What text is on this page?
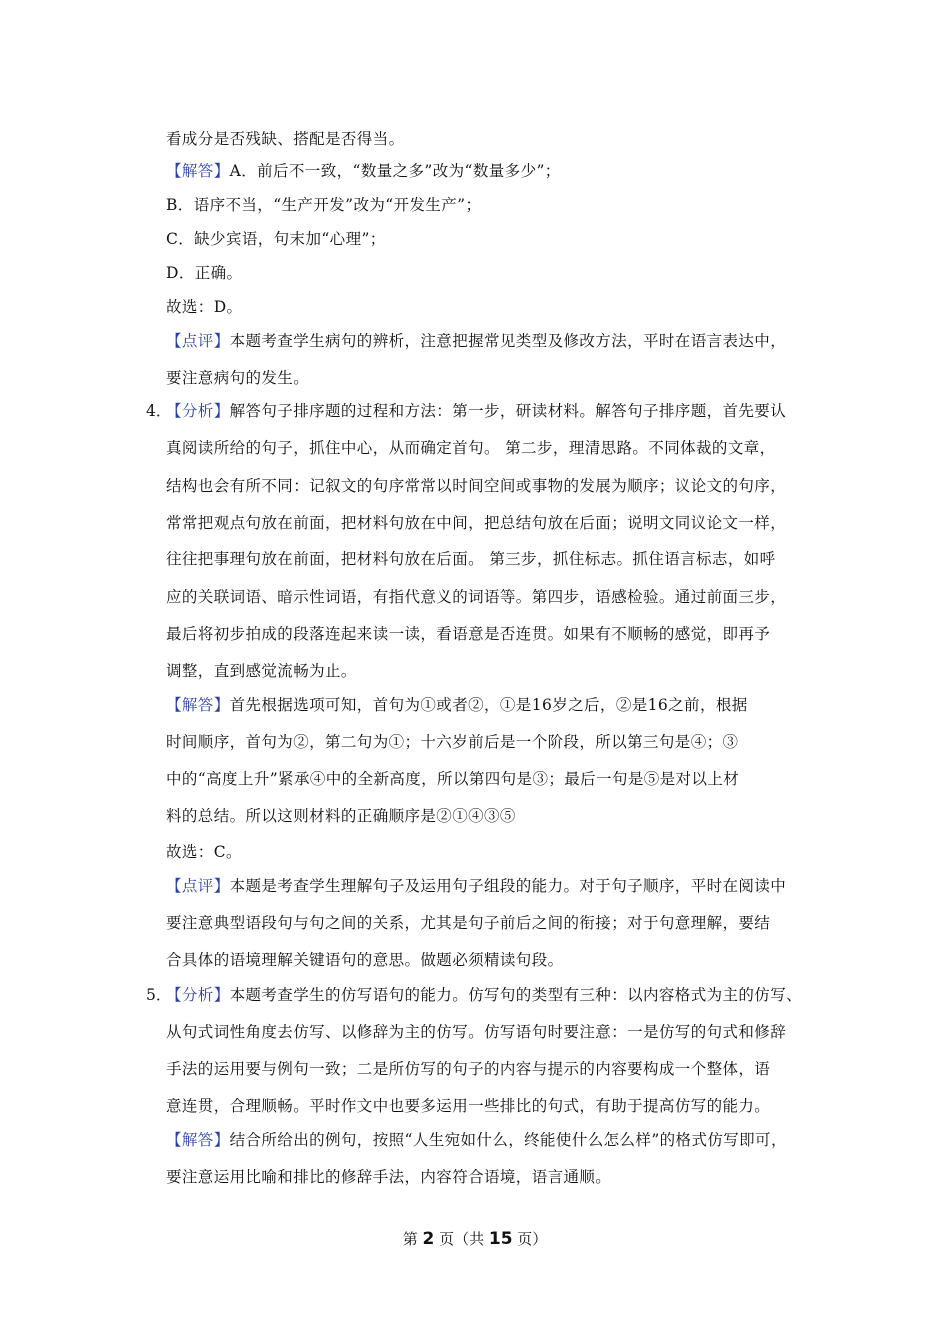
看成分是否残缺、搭配是否得当。
【解答】A．前后不一致，“数量之多”改为“数量多少”；
B．语序不当，“生产开发”改为“开发生产”；
C．缺少宾语，句末加“心理”；
D．正确。
故选：D。
【点评】本题考查学生病句的辨析，注意把握常见类型及修改方法，平时在语言表达中，
要注意病句的发生。
4．
【分析】解答句子排序题的过程和方法：第一步，研读材料。解答句子排序题，首先要认
真阅读所给的句子，抓住中心，从而确定首句。 第二步，理清思路。不同体裁的文章，
结构也会有所不同：记叙文的句序常常以时间空间或事物的发展为顺序；议论文的句序，
常常把观点句放在前面，把材料句放在中间，把总结句放在后面；说明文同议论文一样，
往往把事理句放在前面，把材料句放在后面。 第三步，抓住标志。抓住语言标志，如呼
应的关联词语、暗示性词语，有指代意义的词语等。第四步，语感检验。通过前面三步，
最后将初步拍成的段落连起来读一读，看语意是否连贯。如果有不顺畅的感觉，即再予
调整，直到感觉流畅为止。
【解答】首先根据选项可知，首句为①或者②，①是16岁之后，②是16之前，根据
时间顺序，首句为②，第二句为①；十六岁前后是一个阶段，所以第三句是④；③
中的“高度上升”紧承④中的全新高度，所以第四句是③；最后一句是⑤是对以上材
料的总结。所以这则材料的正确顺序是②①④③⑤
故选：C。
【点评】本题是考查学生理解句子及运用句子组段的能力。对于句子顺序，平时在阅读中
要注意典型语段句与句之间的关系，尤其是句子前后之间的衔接；对于句意理解，要结
合具体的语境理解关键语句的意思。做题必须精读句段。
5．
【分析】本题考查学生的仿写语句的能力。仿写句的类型有三种：以内容格式为主的仿写、
从句式词性角度去仿写、以修辞为主的仿写。仿写语句时要注意：一是仿写的句式和修辞
手法的运用要与例句一致；二是所仿写的句子的内容与提示的内容要构成一个整体，语
意连贯，合理顺畅。平时作文中也要多运用一些排比的句式，有助于提高仿写的能力。
【解答】结合所给出的例句，按照“人生宛如什么，终能使什么怎么样”的格式仿写即可，
要注意运用比喻和排比的修辞手法，内容符合语境，语言通顺。
第 2 页（共 15 页）
